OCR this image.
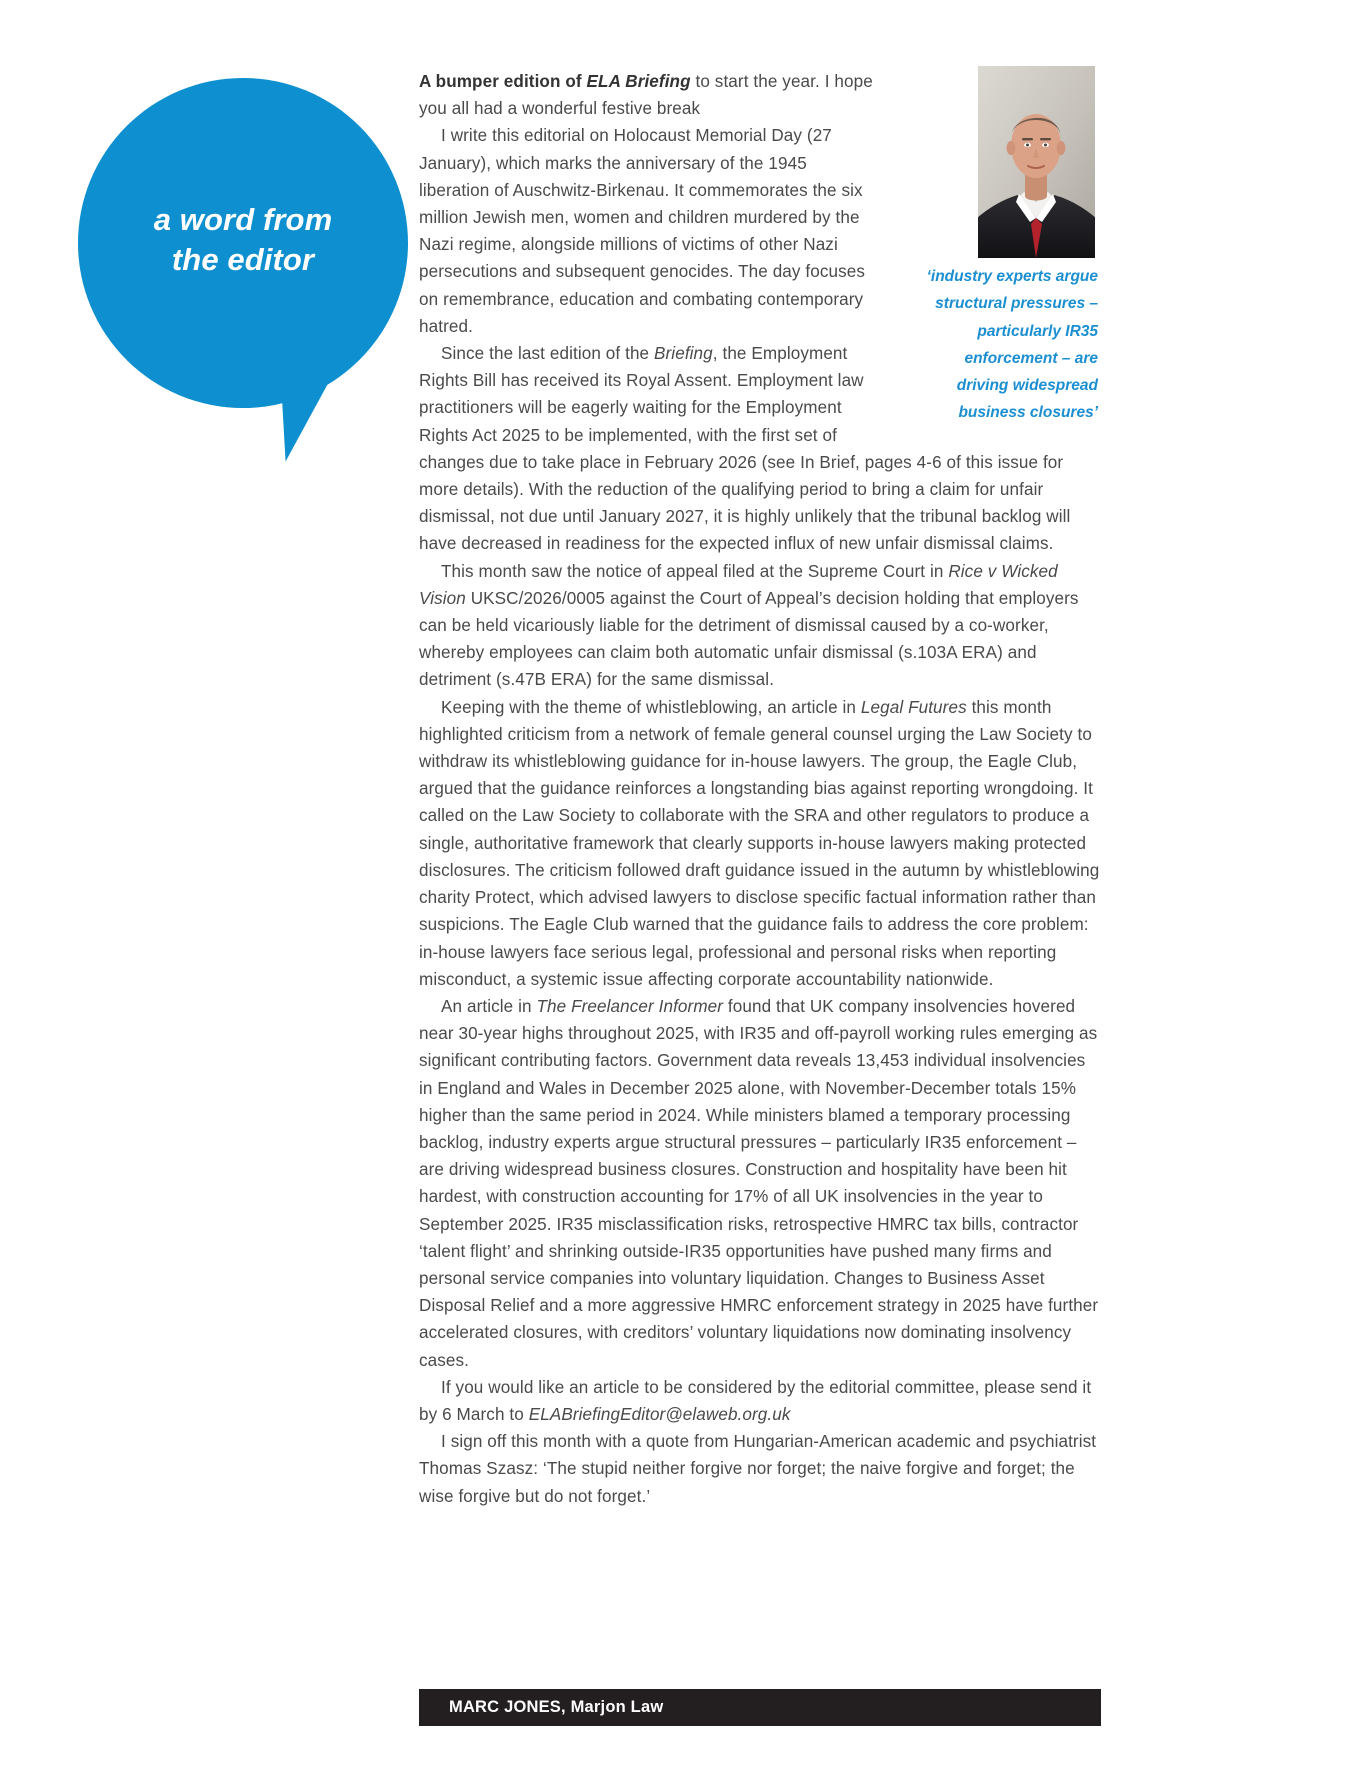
a word from
the editor	‘industry experts argue
structural pressures –
particularly IR35
enforcement – are
driving widespread
business closures’

A bumper edition of ELA Briefing to start the year. I hope you all had a wonderful festive break

I write this editorial on Holocaust Memorial Day (27 January), which marks the anniversary of the 1945 liberation of Auschwitz-Birkenau. It commemorates the six million Jewish men, women and children murdered by the Nazi regime, alongside millions of victims of other Nazi persecutions and subsequent genocides. The day focuses on remembrance, education and combating contemporary hatred.

Since the last edition of the Briefing, the Employment Rights Bill has received its Royal Assent. Employment law practitioners will be eagerly waiting for the Employment Rights Act 2025 to be implemented, with the first set of

changes due to take place in February 2026 (see In Brief, pages 4-6 of this issue for more details). With the reduction of the qualifying period to bring a claim for unfair dismissal, not due until January 2027, it is highly unlikely that the tribunal backlog will have decreased in readiness for the expected influx of new unfair dismissal claims.

This month saw the notice of appeal filed at the Supreme Court in Rice v Wicked Vision UKSC/2026/0005 against the Court of Appeal’s decision holding that employers can be held vicariously liable for the detriment of dismissal caused by a co-worker, whereby employees can claim both automatic unfair dismissal (s.103A ERA) and detriment (s.47B ERA) for the same dismissal.

Keeping with the theme of whistleblowing, an article in Legal Futures this month highlighted criticism from a network of female general counsel urging the Law Society to withdraw its whistleblowing guidance for in-house lawyers. The group, the Eagle Club, argued that the guidance reinforces a longstanding bias against reporting wrongdoing. It called on the Law Society to collaborate with the SRA and other regulators to produce a single, authoritative framework that clearly supports in-house lawyers making protected disclosures. The criticism followed draft guidance issued in the autumn by whistleblowing charity Protect, which advised lawyers to disclose specific factual information rather than suspicions. The Eagle Club warned that the guidance fails to address the core problem: in-house lawyers face serious legal, professional and personal risks when reporting misconduct, a systemic issue affecting corporate accountability nationwide.

An article in The Freelancer Informer found that UK company insolvencies hovered near 30-year highs throughout 2025, with IR35 and off-payroll working rules emerging as significant contributing factors. Government data reveals 13,453 individual insolvencies in England and Wales in December 2025 alone, with November-December totals 15% higher than the same period in 2024. While ministers blamed a temporary processing backlog, industry experts argue structural pressures – particularly IR35 enforcement – are driving widespread business closures. Construction and hospitality have been hit hardest, with construction accounting for 17% of all UK insolvencies in the year to September 2025. IR35 misclassification risks, retrospective HMRC tax bills, contractor ‘talent flight’ and shrinking outside-IR35 opportunities have pushed many firms and personal service companies into voluntary liquidation. Changes to Business Asset Disposal Relief and a more aggressive HMRC enforcement strategy in 2025 have further accelerated closures, with creditors’ voluntary liquidations now dominating insolvency cases.

If you would like an article to be considered by the editorial committee, please send it by 6 March to ELABriefingEditor@elaweb.org.uk

I sign off this month with a quote from Hungarian-American academic and psychiatrist Thomas Szasz: ‘The stupid neither forgive nor forget; the naive forgive and forget; the wise forgive but do not forget.’

MARC JONES, Marjon Law
